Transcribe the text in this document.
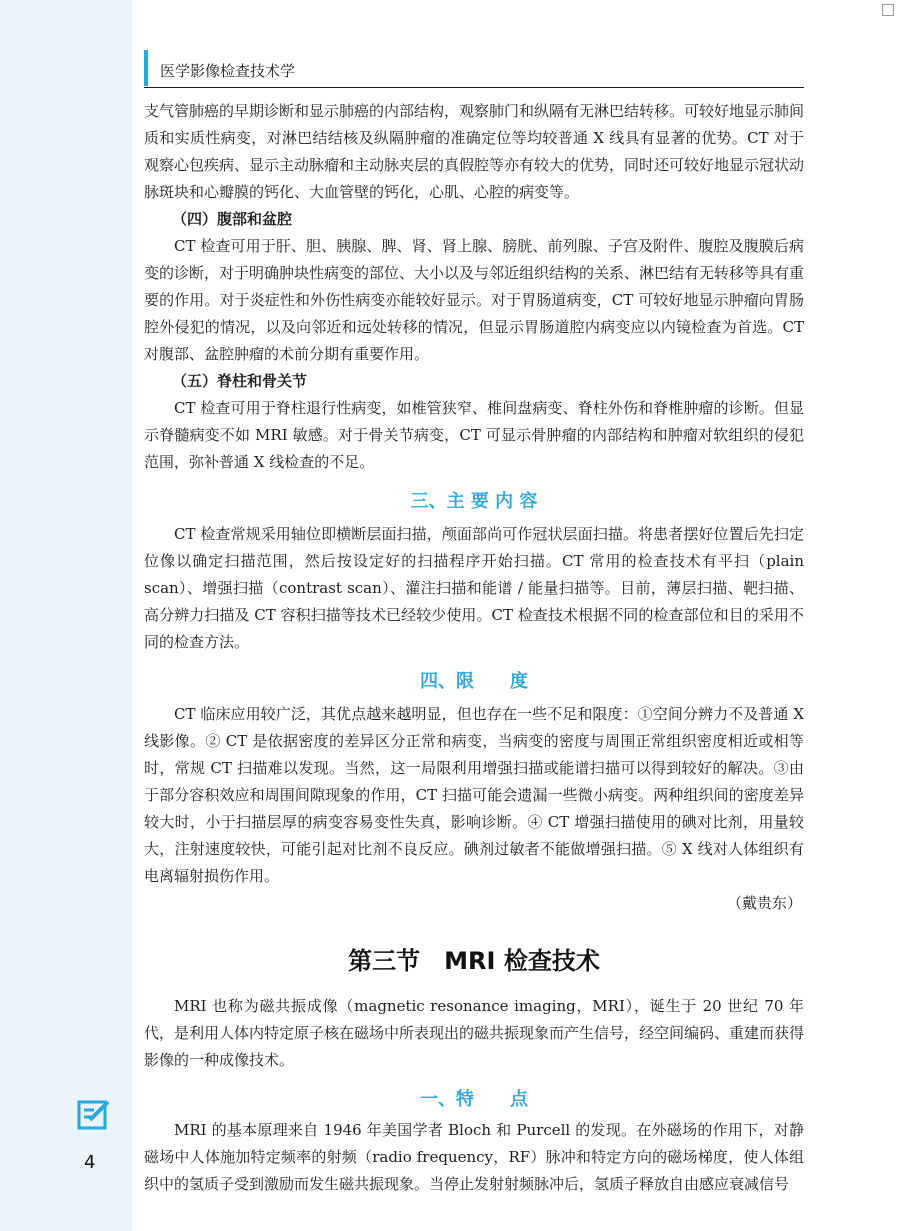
医学影像检查技术学

支气管肺癌的早期诊断和显示肺癌的内部结构，观察肺门和纵隔有无淋巴结转移。可较好地显示肺间质和实质性病变，对淋巴结结核及纵隔肿瘤的准确定位等均较普通 X 线具有显著的优势。CT 对于观察心包疾病、显示主动脉瘤和主动脉夹层的真假腔等亦有较大的优势，同时还可较好地显示冠状动脉斑块和心瓣膜的钙化、大血管壁的钙化，心肌、心腔的病变等。

（四）腹部和盆腔

CT 检查可用于肝、胆、胰腺、脾、肾、肾上腺、膀胱、前列腺、子宫及附件、腹腔及腹膜后病变的诊断，对于明确肿块性病变的部位、大小以及与邻近组织结构的关系、淋巴结有无转移等具有重要的作用。对于炎症性和外伤性病变亦能较好显示。对于胃肠道病变，CT 可较好地显示肿瘤向胃肠腔外侵犯的情况，以及向邻近和远处转移的情况，但显示胃肠道腔内病变应以内镜检查为首选。CT 对腹部、盆腔肿瘤的术前分期有重要作用。

（五）脊柱和骨关节

CT 检查可用于脊柱退行性病变，如椎管狭窄、椎间盘病变、脊柱外伤和脊椎肿瘤的诊断。但显示脊髓病变不如 MRI 敏感。对于骨关节病变，CT 可显示骨肿瘤的内部结构和肿瘤对软组织的侵犯范围，弥补普通 X 线检查的不足。

三、主 要 内 容

CT 检查常规采用轴位即横断层面扫描，颅面部尚可作冠状层面扫描。将患者摆好位置后先扫定位像以确定扫描范围，然后按设定好的扫描程序开始扫描。CT 常用的检查技术有平扫（plain scan）、增强扫描（contrast scan）、灌注扫描和能谱 / 能量扫描等。目前，薄层扫描、靶扫描、高分辨力扫描及 CT 容积扫描等技术已经较少使用。CT 检查技术根据不同的检查部位和目的采用不同的检查方法。

四、限　　度

CT 临床应用较广泛，其优点越来越明显，但也存在一些不足和限度：①空间分辨力不及普通 X 线影像。② CT 是依据密度的差异区分正常和病变，当病变的密度与周围正常组织密度相近或相等时，常规 CT 扫描难以发现。当然，这一局限利用增强扫描或能谱扫描可以得到较好的解决。③由于部分容积效应和周围间隙现象的作用，CT 扫描可能会遗漏一些微小病变。两种组织间的密度差异较大时，小于扫描层厚的病变容易变性失真，影响诊断。④ CT 增强扫描使用的碘对比剂，用量较大，注射速度较快，可能引起对比剂不良反应。碘剂过敏者不能做增强扫描。⑤ X 线对人体组织有电离辐射损伤作用。

（戴贵东）
第三节　MRI 检查技术

MRI 也称为磁共振成像（magnetic resonance imaging，MRI），诞生于 20 世纪 70 年代，是利用人体内特定原子核在磁场中所表现出的磁共振现象而产生信号，经空间编码、重建而获得影像的一种成像技术。

一、特　　点

MRI 的基本原理来自 1946 年美国学者 Bloch 和 Purcell 的发现。在外磁场的作用下，对静磁场中人体施加特定频率的射频（radio frequency，RF）脉冲和特定方向的磁场梯度，使人体组织中的氢质子受到激励而发生磁共振现象。当停止发射射频脉冲后，氢质子释放自由感应衰减信号

4
